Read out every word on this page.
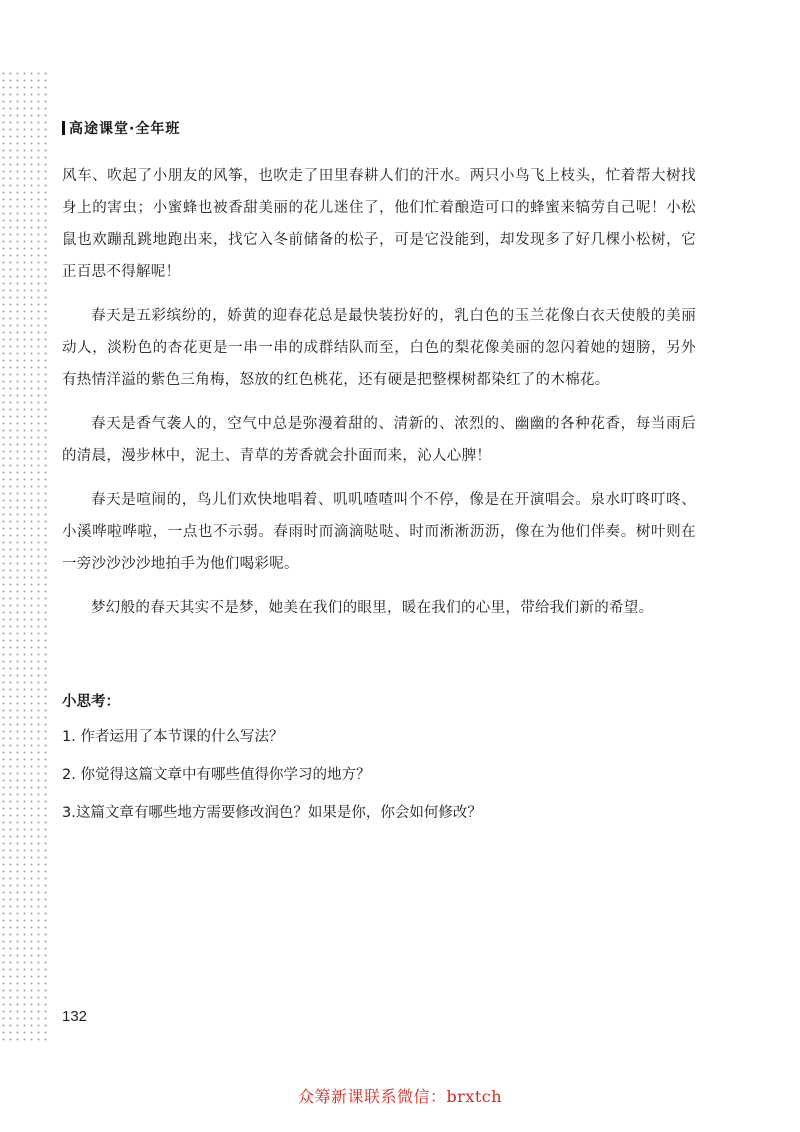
高途课堂·全年班

风车、吹起了小朋友的风筝，也吹走了田里春耕人们的汗水。两只小鸟飞上枝头，忙着帮大树找身上的害虫；小蜜蜂也被香甜美丽的花儿迷住了，他们忙着酿造可口的蜂蜜来犒劳自己呢！小松鼠也欢蹦乱跳地跑出来，找它入冬前储备的松子，可是它没能到，却发现多了好几棵小松树，它正百思不得解呢！

春天是五彩缤纷的，娇黄的迎春花总是最快装扮好的，乳白色的玉兰花像白衣天使般的美丽动人，淡粉色的杏花更是一串一串的成群结队而至，白色的梨花像美丽的忽闪着她的翅膀，另外有热情洋溢的紫色三角梅，怒放的红色桃花，还有硬是把整棵树都染红了的木棉花。

春天是香气袭人的，空气中总是弥漫着甜的、清新的、浓烈的、幽幽的各种花香，每当雨后的清晨，漫步林中，泥土、青草的芳香就会扑面而来，沁人心脾！

春天是喧闹的，鸟儿们欢快地唱着、叽叽喳喳叫个不停，像是在开演唱会。泉水叮咚叮咚、小溪哗啦哗啦，一点也不示弱。春雨时而滴滴哒哒、时而淅淅沥沥，像在为他们伴奏。树叶则在一旁沙沙沙沙地拍手为他们喝彩呢。

梦幻般的春天其实不是梦，她美在我们的眼里，暖在我们的心里，带给我们新的希望。

小思考：
1. 作者运用了本节课的什么写法？
2. 你觉得这篇文章中有哪些值得你学习的地方？
3.这篇文章有哪些地方需要修改润色？如果是你，你会如何修改？
132
众筹新课联系微信：brxtch
